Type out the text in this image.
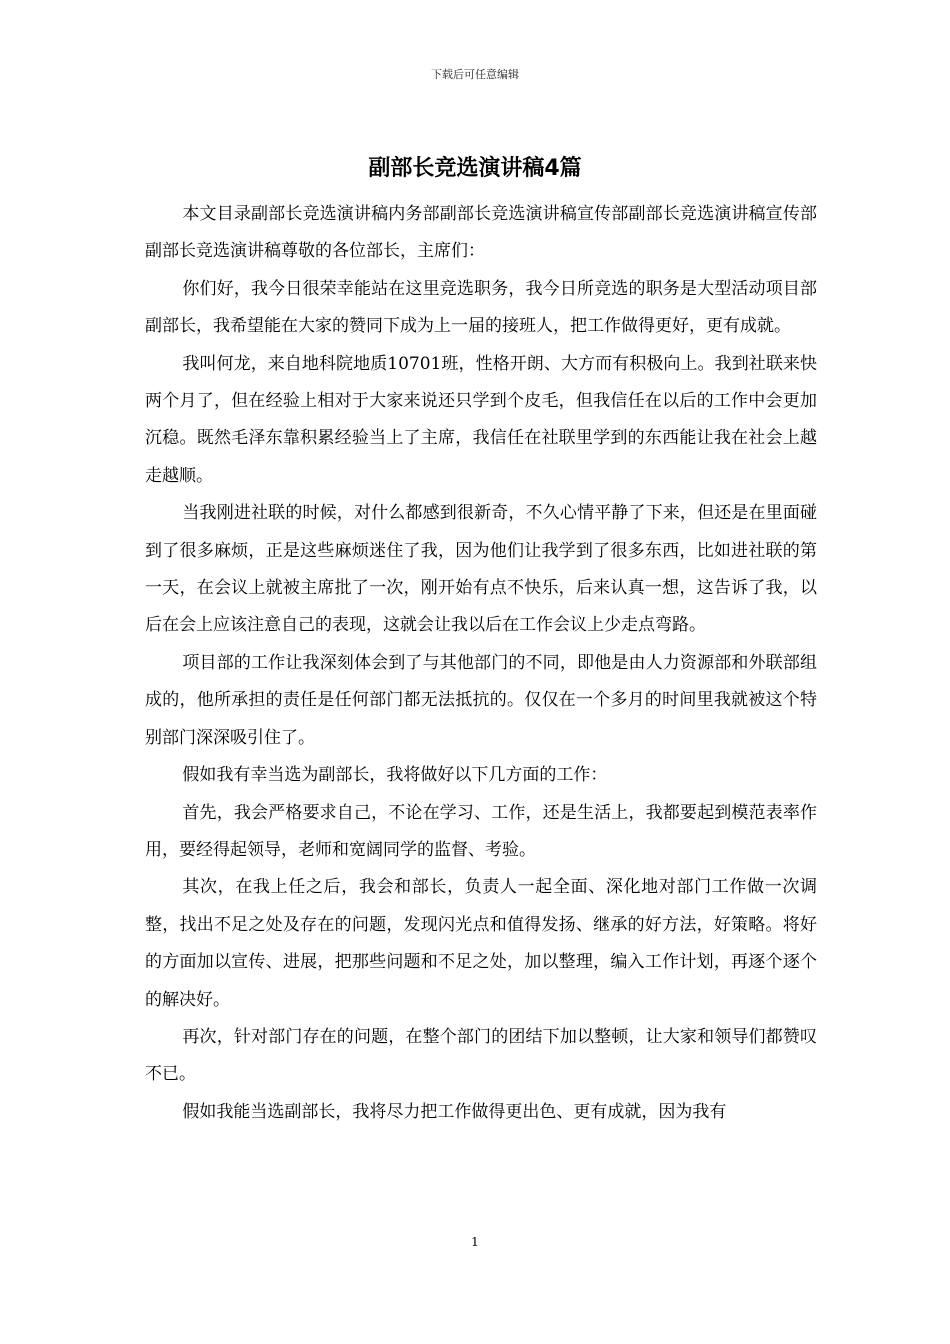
下载后可任意编辑
副部长竞选演讲稿4篇

本文目录副部长竞选演讲稿内务部副部长竞选演讲稿宣传部副部长竞选演讲稿宣传部副部长竞选演讲稿尊敬的各位部长，主席们：

你们好，我今日很荣幸能站在这里竞选职务，我今日所竞选的职务是大型活动项目部副部长，我希望能在大家的赞同下成为上一届的接班人，把工作做得更好，更有成就。

我叫何龙，来自地科院地质10701班，性格开朗、大方而有积极向上。我到社联来快两个月了，但在经验上相对于大家来说还只学到个皮毛，但我信任在以后的工作中会更加沉稳。既然毛泽东靠积累经验当上了主席，我信任在社联里学到的东西能让我在社会上越走越顺。

当我刚进社联的时候，对什么都感到很新奇，不久心情平静了下来，但还是在里面碰到了很多麻烦，正是这些麻烦迷住了我，因为他们让我学到了很多东西，比如进社联的第一天，在会议上就被主席批了一次，刚开始有点不快乐，后来认真一想，这告诉了我，以后在会上应该注意自己的表现，这就会让我以后在工作会议上少走点弯路。

项目部的工作让我深刻体会到了与其他部门的不同，即他是由人力资源部和外联部组成的，他所承担的责任是任何部门都无法抵抗的。仅仅在一个多月的时间里我就被这个特别部门深深吸引住了。

假如我有幸当选为副部长，我将做好以下几方面的工作：

首先，我会严格要求自己，不论在学习、工作，还是生活上，我都要起到模范表率作用，要经得起领导，老师和宽阔同学的监督、考验。

其次，在我上任之后，我会和部长，负责人一起全面、深化地对部门工作做一次调整，找出不足之处及存在的问题，发现闪光点和值得发扬、继承的好方法，好策略。将好的方面加以宣传、进展，把那些问题和不足之处，加以整理，编入工作计划，再逐个逐个的解决好。

再次，针对部门存在的问题，在整个部门的团结下加以整顿，让大家和领导们都赞叹不已。

假如我能当选副部长，我将尽力把工作做得更出色、更有成就，因为我有

1
